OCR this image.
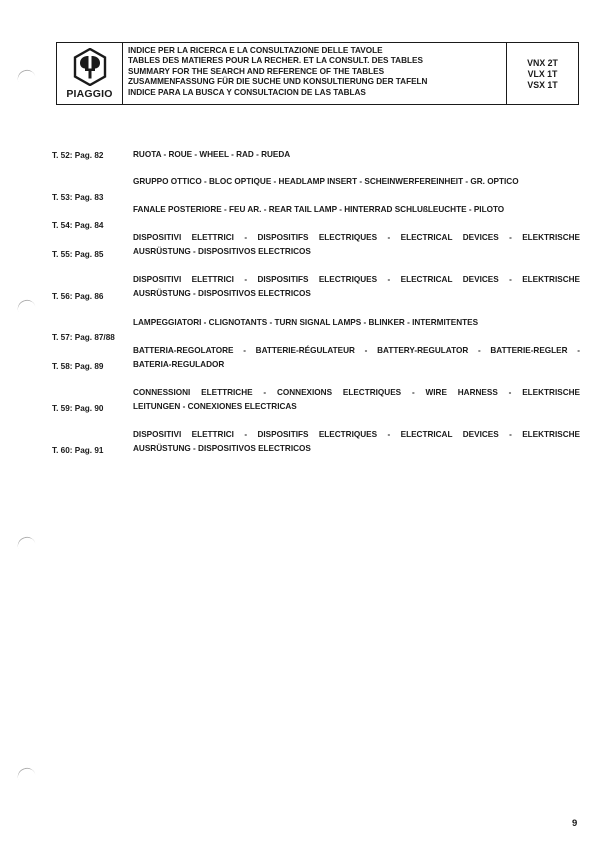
PIAGGIO
INDICE PER LA RICERCA E LA CONSULTAZIONE DELLE TAVOLE
TABLES DES MATIERES POUR LA RECHER. ET LA CONSULT. DES TABLES
SUMMARY FOR THE SEARCH AND REFERENCE OF THE TABLES
ZUSAMMENFASSUNG FÜR DIE SUCHE UND KONSULTIERUNG DER TAFELN
INDICE PARA LA BUSCA Y CONSULTACION DE LAS TABLAS
VNX 2T
VLX 1T
VSX 1T
T. 52: Pag. 82	RUOTA - ROUE - WHEEL - RAD - RUEDA
T. 53: Pag. 83
GRUPPO OTTICO - BLOC OPTIQUE - HEADLAMP INSERT - SCHEINWERFEREINHEIT - GR. OPTICO
T. 54: Pag. 84
FANALE POSTERIORE - FEU AR. - REAR TAIL LAMP - HINTERRAD SCHLUßLEUCHTE - PILOTO
T. 55: Pag. 85
DISPOSITIVI ELETTRICI - DISPOSITIFS ELECTRIQUES - ELECTRICAL DEVICES - ELEKTRISCHE
AUSRÜSTUNG - DISPOSITIVOS ELECTRICOS
T. 56: Pag. 86
DISPOSITIVI ELETTRICI - DISPOSITIFS ELECTRIQUES - ELECTRICAL DEVICES - ELEKTRISCHE
AUSRÜSTUNG - DISPOSITIVOS ELECTRICOS
T. 57: Pag. 87/88
LAMPEGGIATORI - CLIGNOTANTS - TURN SIGNAL LAMPS - BLINKER - INTERMITENTES
T. 58: Pag. 89
BATTERIA-REGOLATORE - BATTERIE-RÉGULATEUR - BATTERY-REGULATOR - BATTERIE-REGLER -
BATERIA-REGULADOR
T. 59: Pag. 90
CONNESSIONI ELETTRICHE - CONNEXIONS ELECTRIQUES - WIRE HARNESS - ELEKTRISCHE
LEITUNGEN - CONEXIONES ELECTRICAS
T. 60: Pag. 91
DISPOSITIVI ELETTRICI - DISPOSITIFS ELECTRIQUES - ELECTRICAL DEVICES - ELEKTRISCHE
AUSRÜSTUNG - DISPOSITIVOS ELECTRICOS
9
